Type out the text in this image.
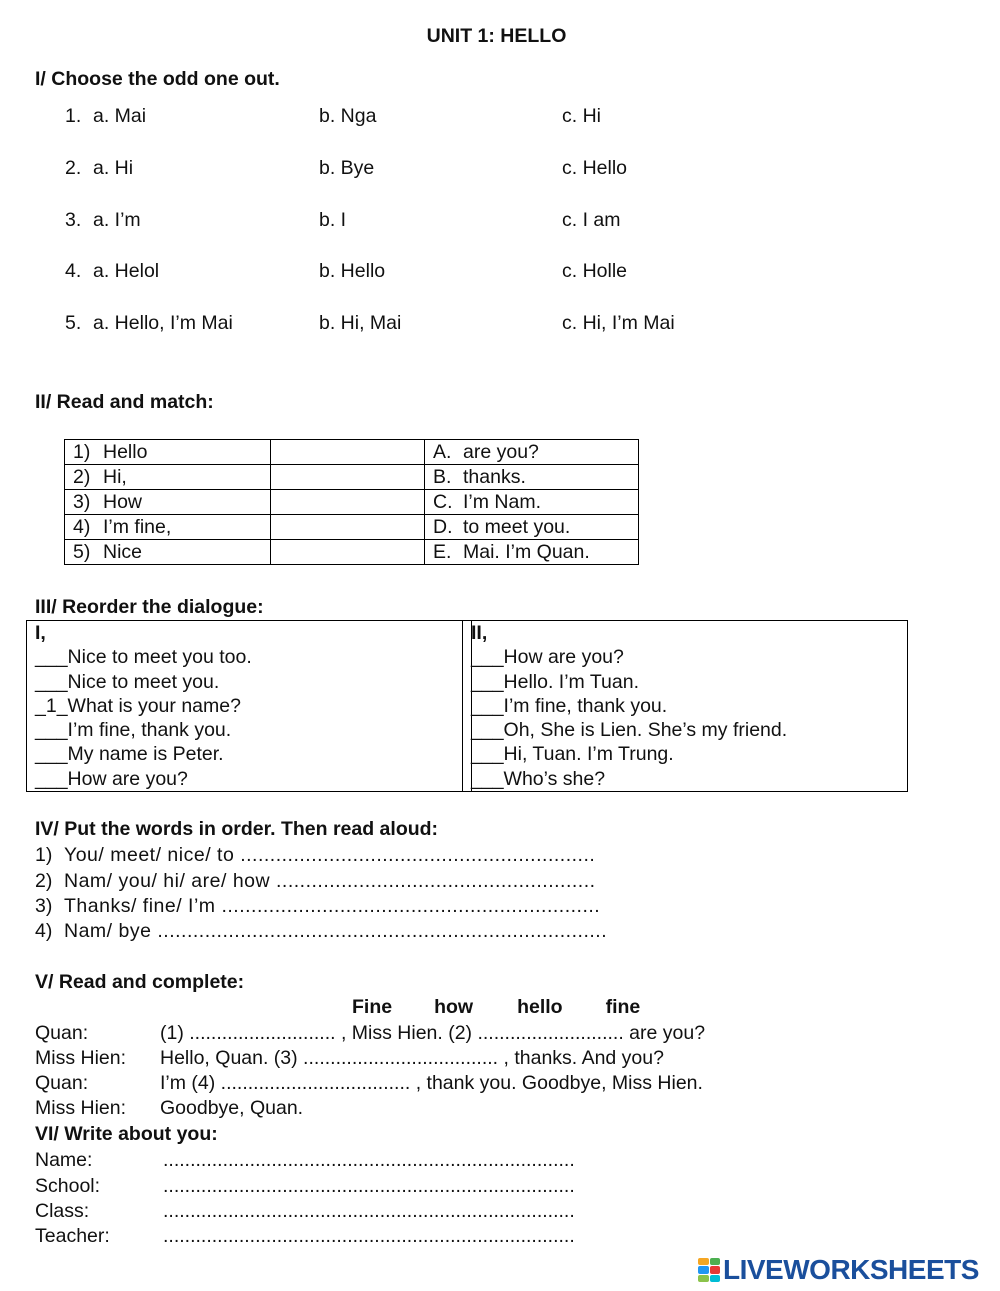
UNIT 1: HELLO
I/ Choose the odd one out.
1. a. Mai	b. Nga	c. Hi
2. a. Hi	b. Bye	c. Hello
3. a. I’m	b. I	c. I am
4. a. Helol	b. Hello	c. Holle
5. a. Hello, I’m Mai	b. Hi, Mai	c. Hi, I’m Mai
II/ Read and match:
1) Hello		A. are you?
2) Hi,		B. thanks.
3) How		C. I’m Nam.
4) I’m fine,		D. to meet you.
5) Nice		E. Mai. I’m Quan.
III/ Reorder the dialogue:
I,
___Nice to meet you too.
___Nice to meet you.
_1_What is your name?
___I’m fine, thank you.
___My name is Peter.
___How are you?
II,
___How are you?
___Hello. I’m Tuan.
___I’m fine, thank you.
___Oh, She is Lien. She’s my friend.
___Hi, Tuan. I’m Trung.
___Who’s she?
IV/ Put the words in order. Then read aloud:
1) You/ meet/ nice/ to ............................................................
2) Nam/ you/ hi/ are/ how ......................................................
3) Thanks/ fine/ I’m ................................................................
4) Nam/ bye ............................................................................
V/ Read and complete:
Fine how hello fine
Quan:	(1) ........................... , Miss Hien. (2) ........................... are you?
Miss Hien: Hello, Quan. (3) .................................... , thanks. And you?
Quan:	I’m (4) ................................... , thank you. Goodbye, Miss Hien.
Miss Hien: Goodbye, Quan.
VI/ Write about you:
Name:	............................................................................
School:	............................................................................
Class:	............................................................................
Teacher:	............................................................................
LIVEWORKSHEETS
